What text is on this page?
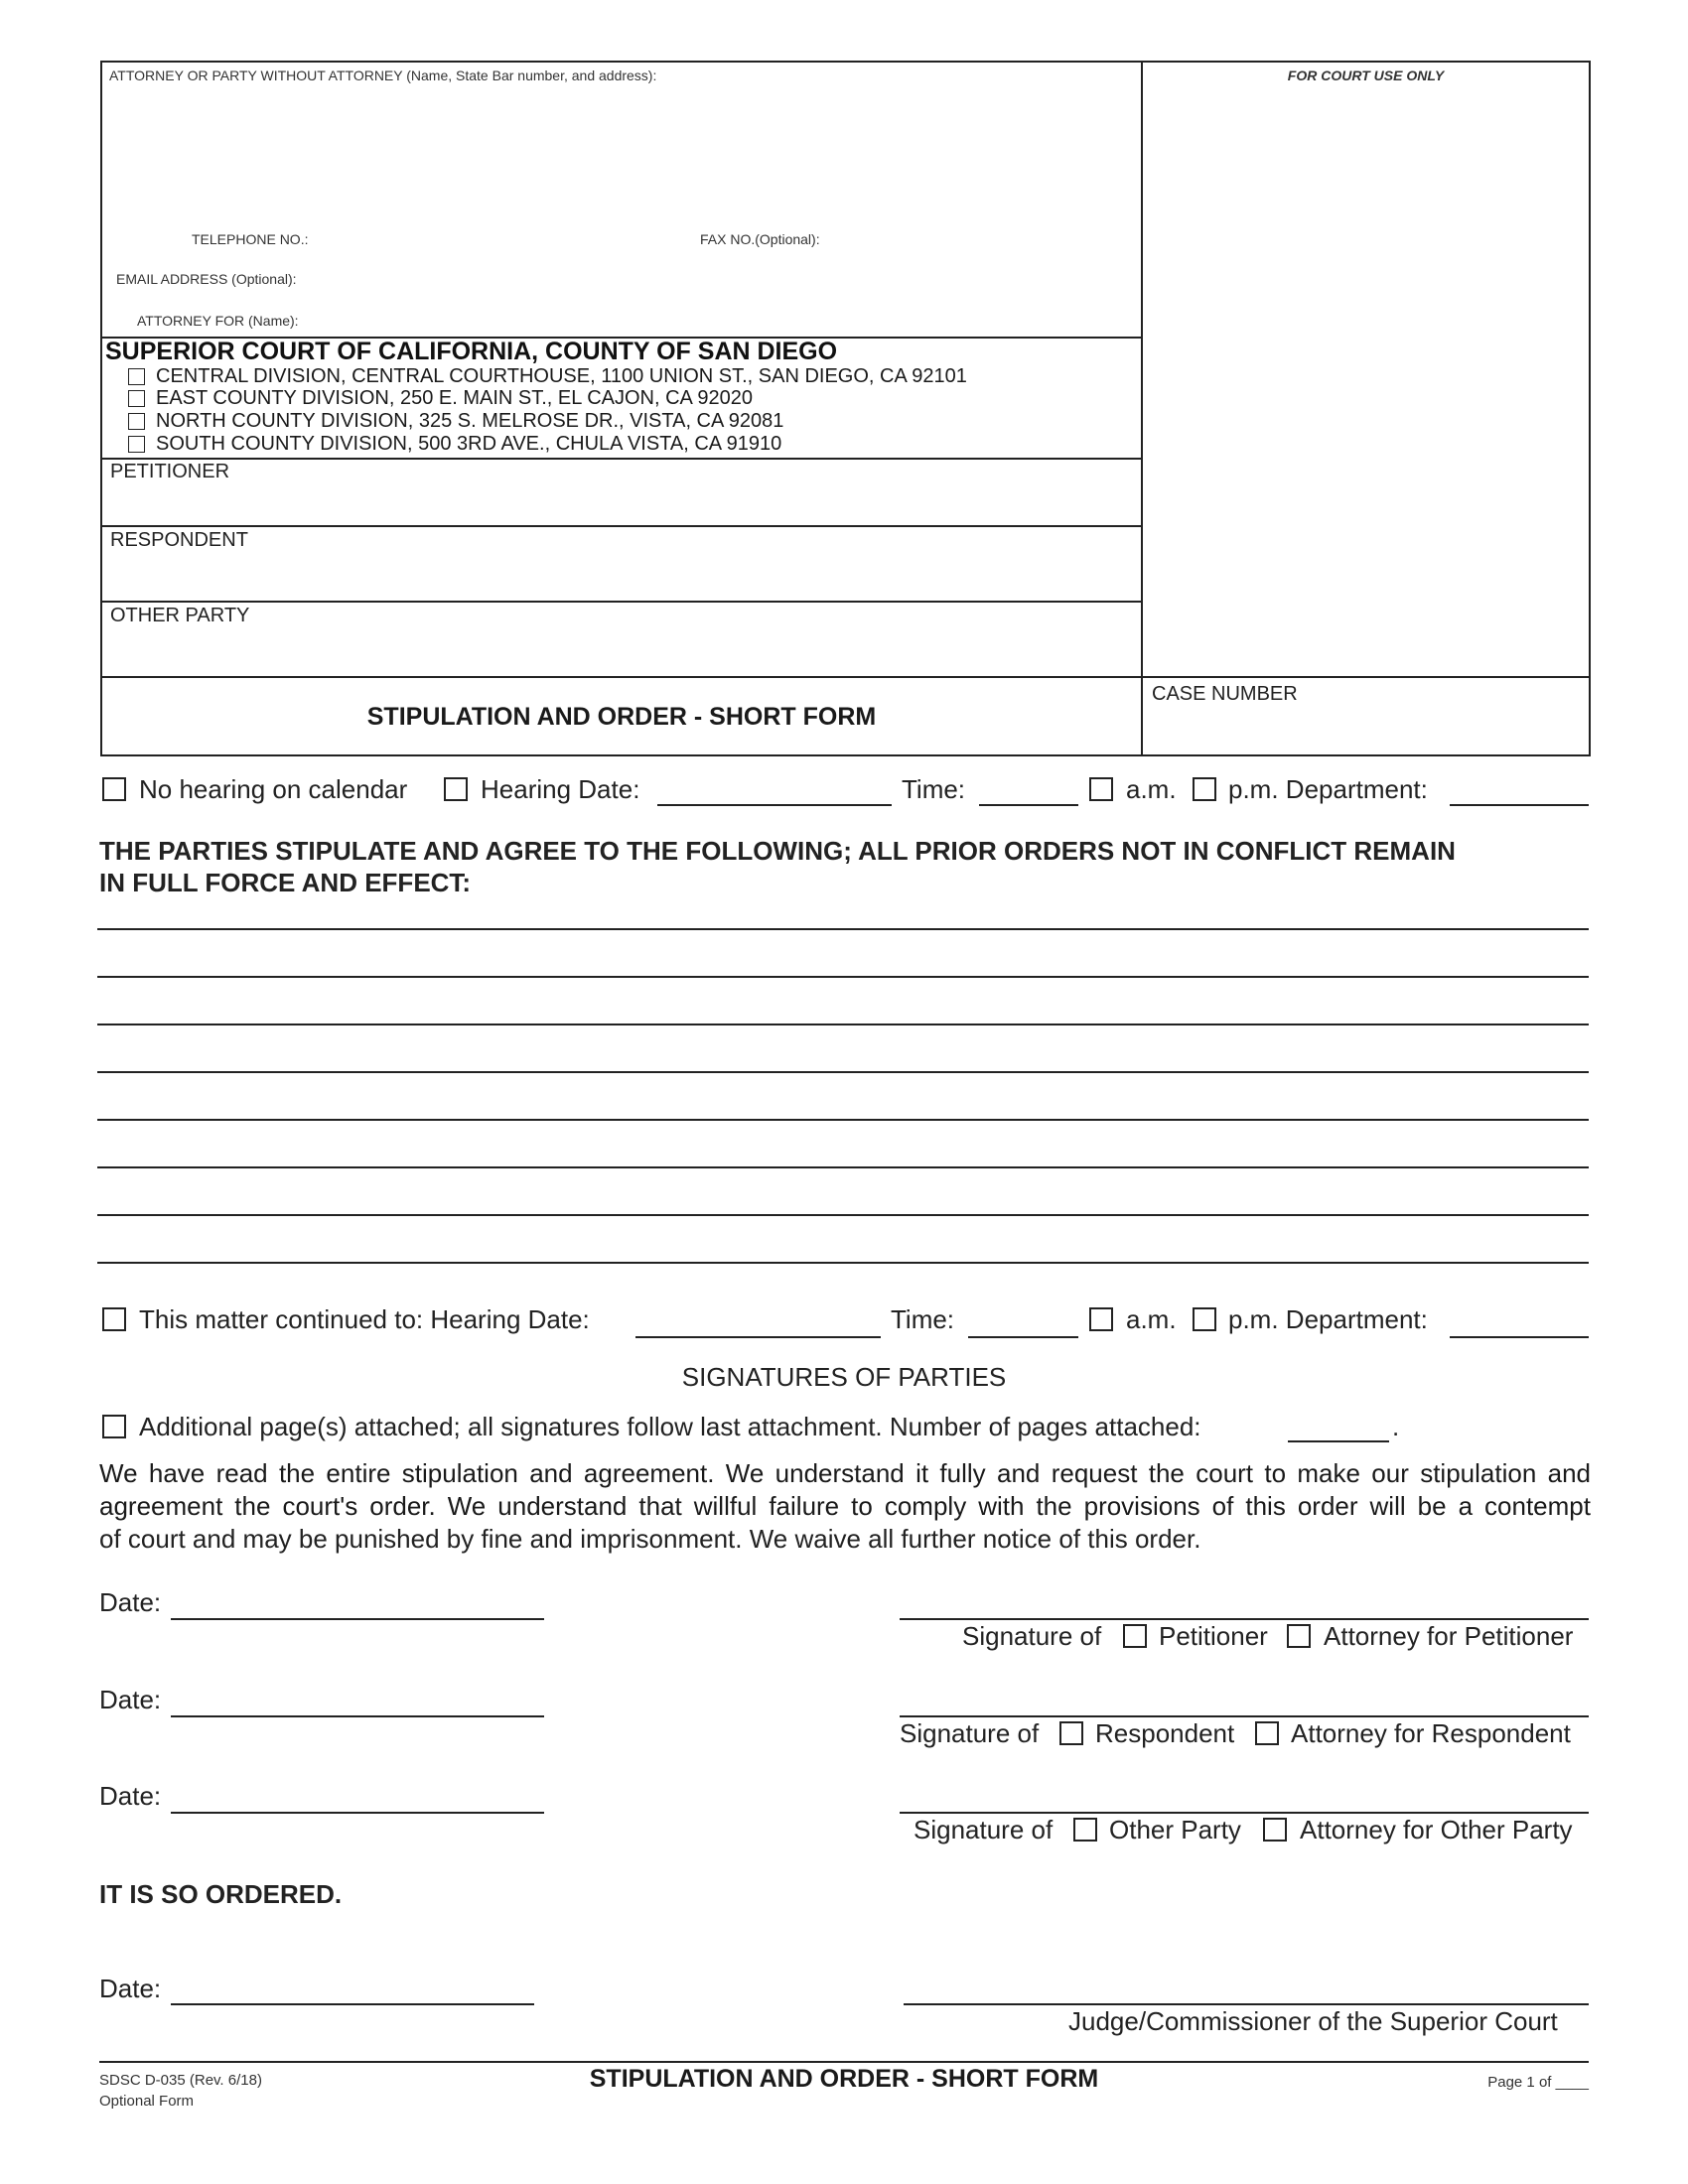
ATTORNEY OR PARTY WITHOUT ATTORNEY (Name, State Bar number, and address):	FOR COURT USE ONLY
TELEPHONE NO.:	FAX NO.(Optional):
EMAIL ADDRESS (Optional):
ATTORNEY FOR (Name):
SUPERIOR COURT OF CALIFORNIA, COUNTY OF SAN DIEGO
CENTRAL DIVISION, CENTRAL COURTHOUSE, 1100 UNION ST., SAN DIEGO, CA 92101
EAST COUNTY DIVISION, 250 E. MAIN ST., EL CAJON, CA 92020
NORTH COUNTY DIVISION, 325 S. MELROSE DR., VISTA, CA 92081
SOUTH COUNTY DIVISION, 500 3RD AVE., CHULA VISTA, CA 91910
PETITIONER
RESPONDENT
OTHER PARTY
STIPULATION AND ORDER - SHORT FORM
CASE NUMBER
No hearing on calendar	Hearing Date:	Time:	a.m. p.m. Department:
THE PARTIES STIPULATE AND AGREE TO THE FOLLOWING; ALL PRIOR ORDERS NOT IN CONFLICT REMAIN
IN FULL FORCE AND EFFECT:
This matter continued to: Hearing Date:	Time:	a.m. p.m. Department:
SIGNATURES OF PARTIES
Additional page(s) attached; all signatures follow last attachment. Number of pages attached:	.
We have read the entire stipulation and agreement. We understand it fully and request the court to make our stipulation and
agreement the court's order. We understand that willful failure to comply with the provisions of this order will be a contempt
of court and may be punished by fine and imprisonment. We waive all further notice of this order.
Date:
Signature of Petitioner Attorney for Petitioner
Date:
Signature of Respondent Attorney for Respondent
Date:
Signature of Other Party Attorney for Other Party
IT IS SO ORDERED.
Date:
Judge/Commissioner of the Superior Court
SDSC D-035 (Rev. 6/18)
Optional Form
STIPULATION AND ORDER - SHORT FORM	Page 1 of ____
